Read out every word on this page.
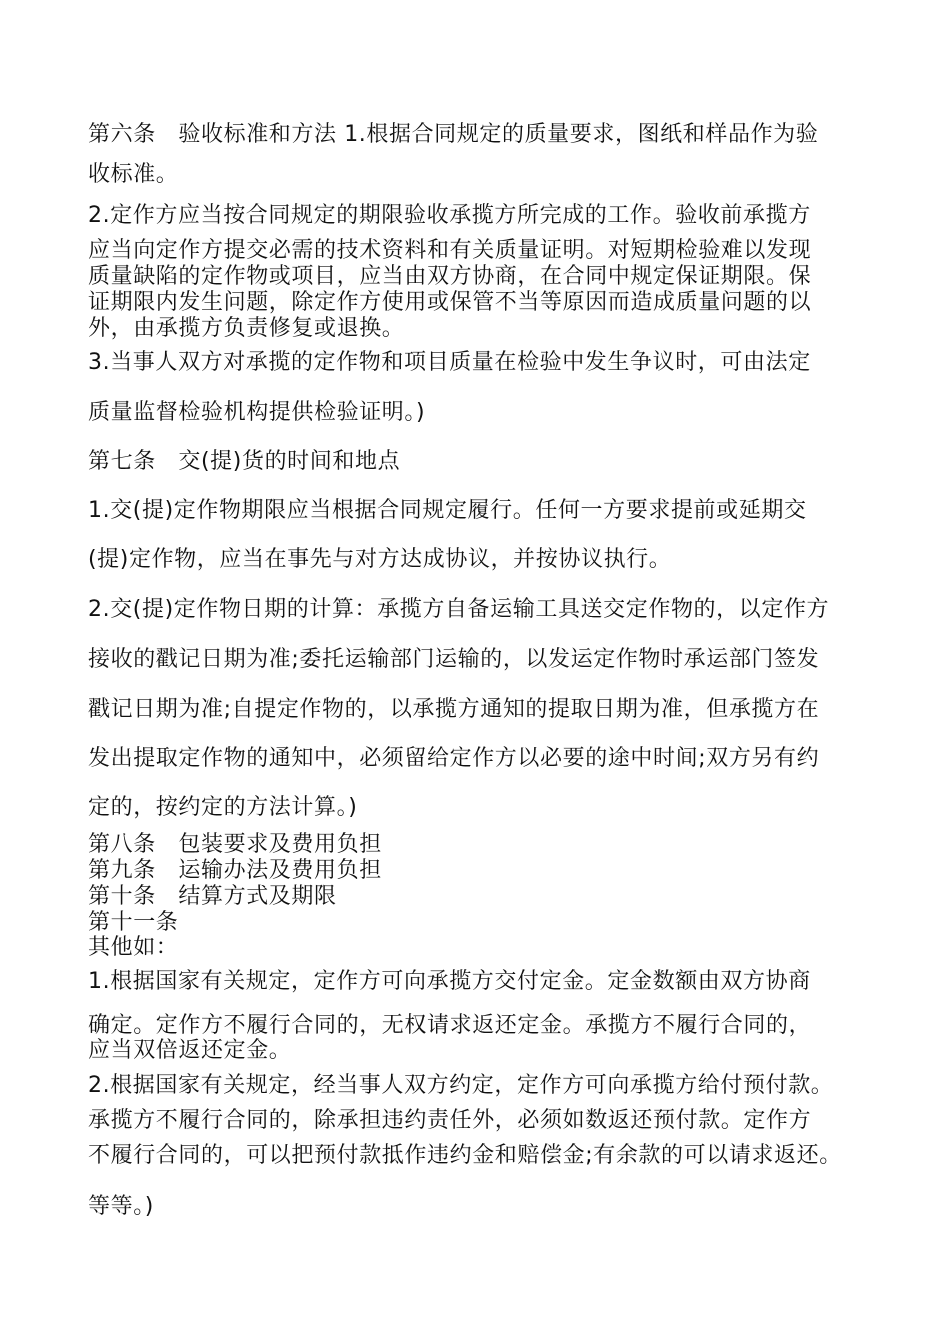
第六条　验收标准和方法 1.根据合同规定的质量要求，图纸和样品作为验
收标准。
2.定作方应当按合同规定的期限验收承揽方所完成的工作。验收前承揽方
应当向定作方提交必需的技术资料和有关质量证明。对短期检验难以发现
质量缺陷的定作物或项目，应当由双方协商，在合同中规定保证期限。保
证期限内发生问题，除定作方使用或保管不当等原因而造成质量问题的以
外，由承揽方负责修复或退换。
3.当事人双方对承揽的定作物和项目质量在检验中发生争议时，可由法定
质量监督检验机构提供检验证明。)
第七条　交(提)货的时间和地点
1.交(提)定作物期限应当根据合同规定履行。任何一方要求提前或延期交
(提)定作物，应当在事先与对方达成协议，并按协议执行。
2.交(提)定作物日期的计算：承揽方自备运输工具送交定作物的，以定作方
接收的戳记日期为准;委托运输部门运输的，以发运定作物时承运部门签发
戳记日期为准;自提定作物的，以承揽方通知的提取日期为准，但承揽方在
发出提取定作物的通知中，必须留给定作方以必要的途中时间;双方另有约
定的，按约定的方法计算。)
第八条　包装要求及费用负担
第九条　运输办法及费用负担
第十条　结算方式及期限
第十一条
其他如：
1.根据国家有关规定，定作方可向承揽方交付定金。定金数额由双方协商
确定。定作方不履行合同的，无权请求返还定金。承揽方不履行合同的，
应当双倍返还定金。
2.根据国家有关规定，经当事人双方约定，定作方可向承揽方给付预付款。
承揽方不履行合同的，除承担违约责任外，必须如数返还预付款。定作方
不履行合同的，可以把预付款抵作违约金和赔偿金;有余款的可以请求返还。
等等。)
